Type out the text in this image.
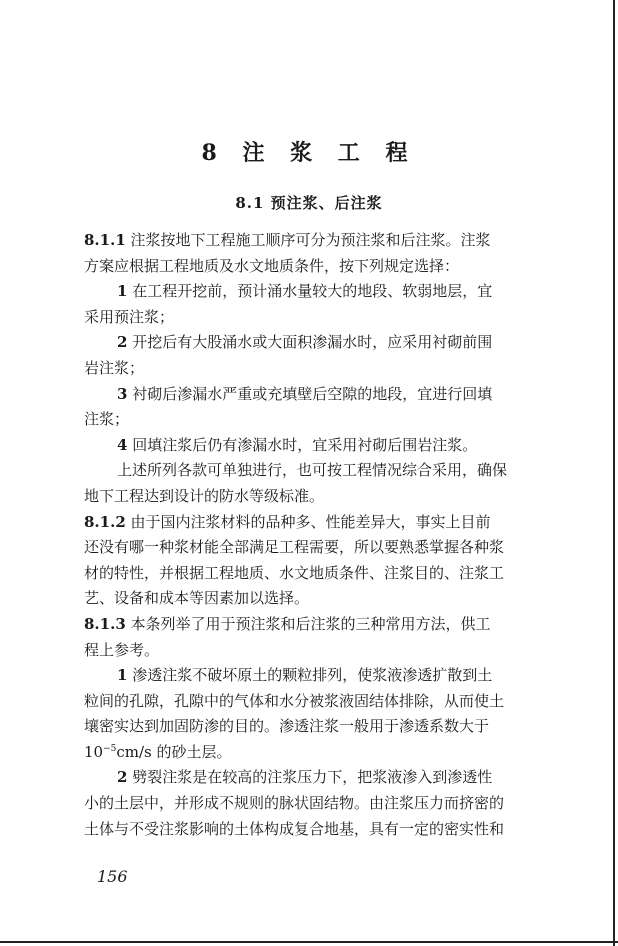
8 注 浆 工 程
8.1 预注浆、后注浆
8.1.1 注浆按地下工程施工顺序可分为预注浆和后注浆。注浆
方案应根据工程地质及水文地质条件，按下列规定选择：
1 在工程开挖前，预计涌水量较大的地段、软弱地层，宜
采用预注浆；
2 开挖后有大股涌水或大面积渗漏水时，应采用衬砌前围
岩注浆；
3 衬砌后渗漏水严重或充填壁后空隙的地段，宜进行回填
注浆；
4 回填注浆后仍有渗漏水时，宜采用衬砌后围岩注浆。
上述所列各款可单独进行，也可按工程情况综合采用，确保
地下工程达到设计的防水等级标准。
8.1.2 由于国内注浆材料的品种多、性能差异大，事实上目前
还没有哪一种浆材能全部满足工程需要，所以要熟悉掌握各种浆
材的特性，并根据工程地质、水文地质条件、注浆目的、注浆工
艺、设备和成本等因素加以选择。
8.1.3 本条列举了用于预注浆和后注浆的三种常用方法，供工
程上参考。
1 渗透注浆不破坏原土的颗粒排列，使浆液渗透扩散到土
粒间的孔隙，孔隙中的气体和水分被浆液固结体排除，从而使土
壤密实达到加固防渗的目的。渗透注浆一般用于渗透系数大于
$10^{-5}cm/s$ 的砂土层。
2 劈裂注浆是在较高的注浆压力下，把浆液渗入到渗透性
小的土层中，并形成不规则的脉状固结物。由注浆压力而挤密的
土体与不受注浆影响的土体构成复合地基，具有一定的密实性和
156
